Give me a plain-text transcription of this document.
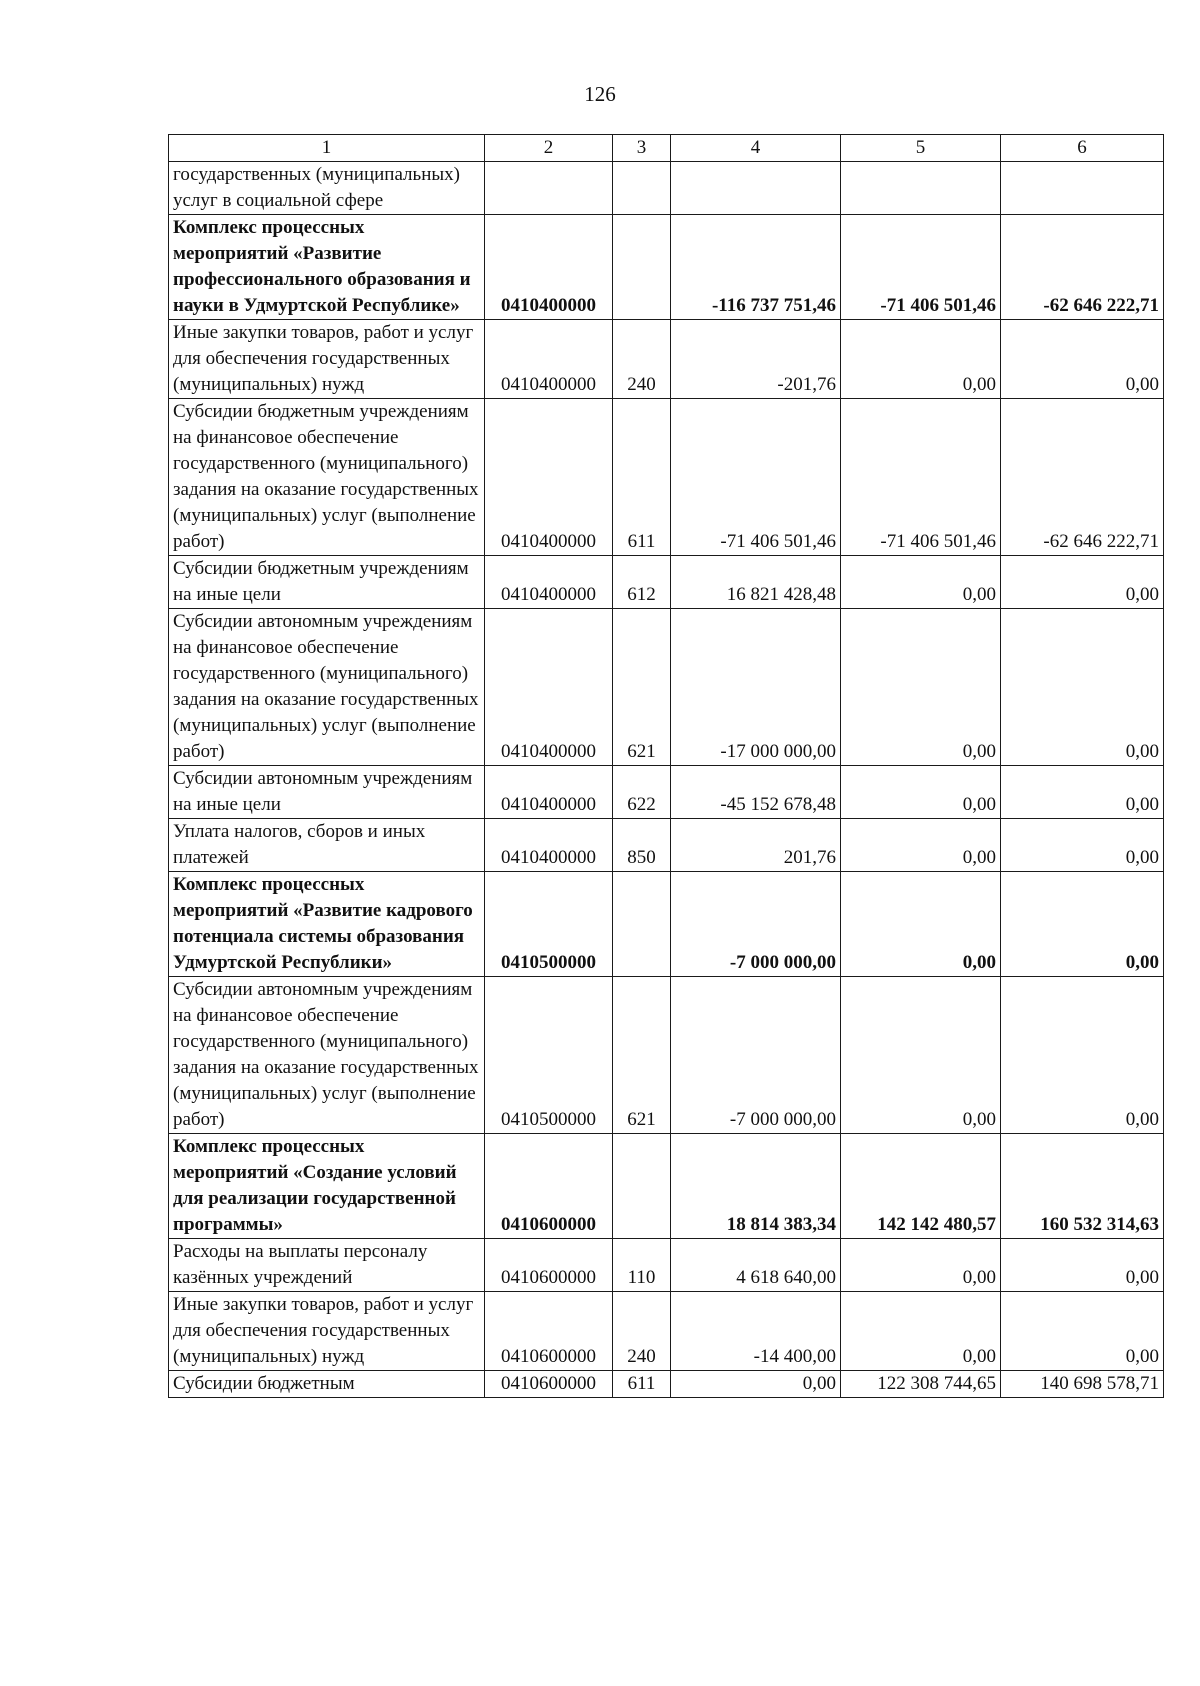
126
1	2	3	4	5	6
государственных (муниципальных) услуг в социальной сфере					
Комплекс процессных мероприятий «Развитие профессионального образования и науки в Удмуртской Республике»	0410400000		-116 737 751,46	-71 406 501,46	-62 646 222,71
Иные закупки товаров, работ и услуг для обеспечения государственных (муниципальных) нужд	0410400000	240	-201,76	0,00	0,00
Субсидии бюджетным учреждениям на финансовое обеспечение государственного (муниципального) задания на оказание государственных (муниципальных) услуг (выполнение работ)	0410400000	611	-71 406 501,46	-71 406 501,46	-62 646 222,71
Субсидии бюджетным учреждениям на иные цели	0410400000	612	16 821 428,48	0,00	0,00
Субсидии автономным учреждениям на финансовое обеспечение государственного (муниципального) задания на оказание государственных (муниципальных) услуг (выполнение работ)	0410400000	621	-17 000 000,00	0,00	0,00
Субсидии автономным учреждениям на иные цели	0410400000	622	-45 152 678,48	0,00	0,00
Уплата налогов, сборов и иных платежей	0410400000	850	201,76	0,00	0,00
Комплекс процессных мероприятий «Развитие кадрового потенциала системы образования Удмуртской Республики»	0410500000		-7 000 000,00	0,00	0,00
Субсидии автономным учреждениям на финансовое обеспечение государственного (муниципального) задания на оказание государственных (муниципальных) услуг (выполнение работ)	0410500000	621	-7 000 000,00	0,00	0,00
Комплекс процессных мероприятий «Создание условий для реализации государственной программы»	0410600000		18 814 383,34	142 142 480,57	160 532 314,63
Расходы на выплаты персоналу казённых учреждений	0410600000	110	4 618 640,00	0,00	0,00
Иные закупки товаров, работ и услуг для обеспечения государственных (муниципальных) нужд	0410600000	240	-14 400,00	0,00	0,00
Субсидии бюджетным	0410600000	611	0,00	122 308 744,65	140 698 578,71
